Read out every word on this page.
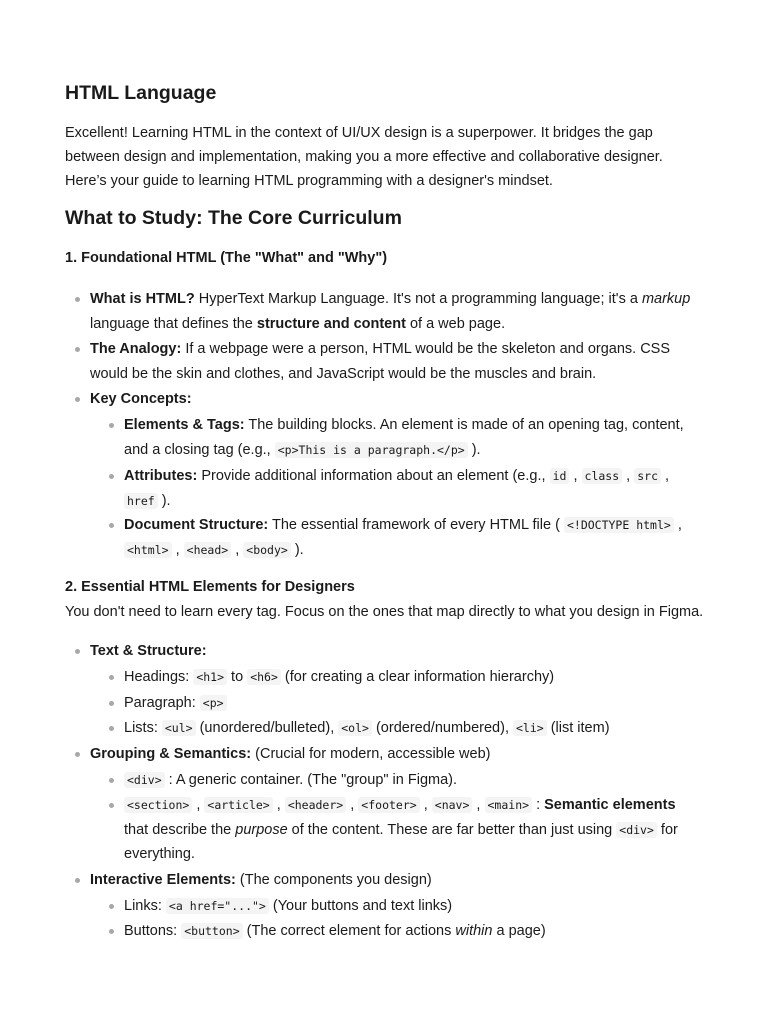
HTML Language
Excellent! Learning HTML in the context of UI/UX design is a superpower. It bridges the gap
between design and implementation, making you a more effective and collaborative designer.
Here’s your guide to learning HTML programming with a designer's mindset.
What to Study: The Core Curriculum
1. Foundational HTML (The "What" and "Why")
What is HTML? HyperText Markup Language. It's not a programming language; it's a markup
language that defines the structure and content of a web page.
The Analogy: If a webpage were a person, HTML would be the skeleton and organs. CSS
would be the skin and clothes, and JavaScript would be the muscles and brain.
Key Concepts:
Elements & Tags: The building blocks. An element is made of an opening tag, content,
and a closing tag (e.g., <p>This is a paragraph.</p> ).
Attributes: Provide additional information about an element (e.g., id , class , src ,
href ).
Document Structure: The essential framework of every HTML file ( <!DOCTYPE html> ,
<html> , <head> , <body> ).
2. Essential HTML Elements for Designers
You don't need to learn every tag. Focus on the ones that map directly to what you design in Figma.
Text & Structure:
Headings: <h1> to <h6> (for creating a clear information hierarchy)
Paragraph: <p>
Lists: <ul> (unordered/bulleted), <ol> (ordered/numbered), <li> (list item)
Grouping & Semantics: (Crucial for modern, accessible web)
<div> : A generic container. (The "group" in Figma).
<section> , <article> , <header> , <footer> , <nav> , <main> : Semantic elements
that describe the purpose of the content. These are far better than just using <div> for
everything.
Interactive Elements: (The components you design)
Links: <a href="..."> (Your buttons and text links)
Buttons: <button> (The correct element for actions within a page)
